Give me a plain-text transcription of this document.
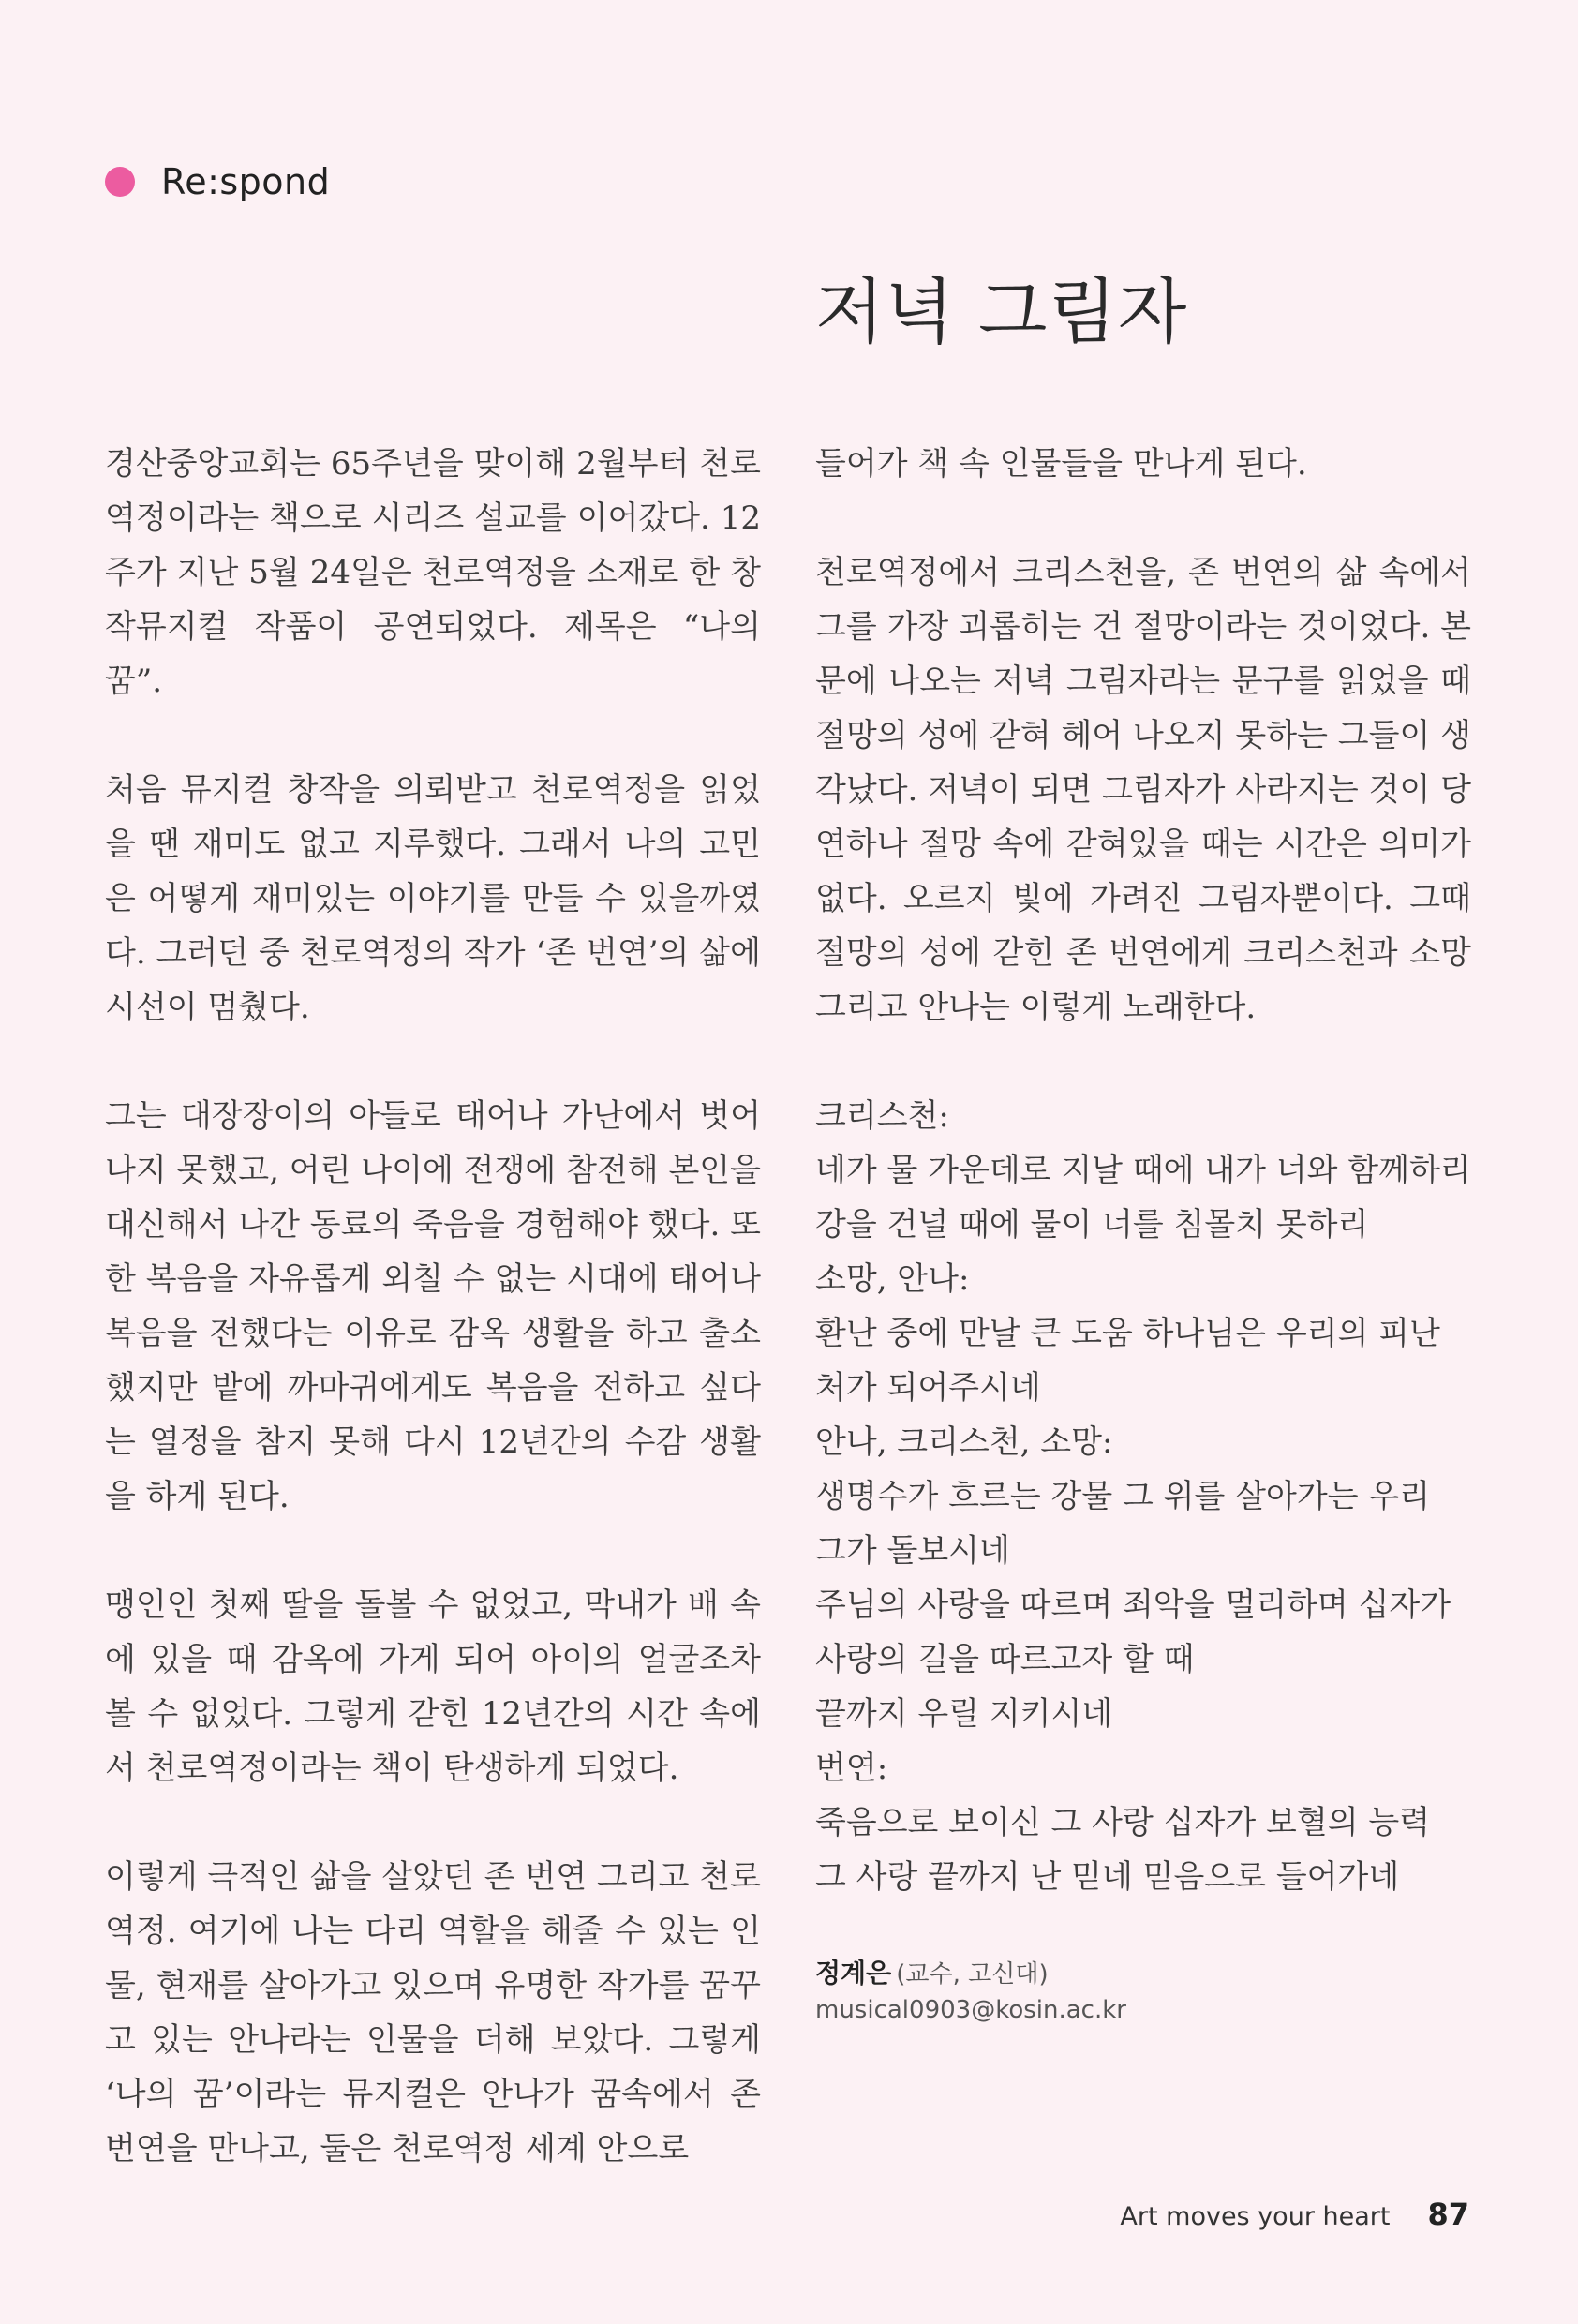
Re:spond
저녁 그림자

경산중앙교회는 65주년을 맞이해 2월부터 천로역정이라는 책으로 시리즈 설교를 이어갔다. 12주가 지난 5월 24일은 천로역정을 소재로 한 창작뮤지컬 작품이 공연되었다. 제목은 “나의 꿈”.

처음 뮤지컬 창작을 의뢰받고 천로역정을 읽었을 땐 재미도 없고 지루했다. 그래서 나의 고민은 어떻게 재미있는 이야기를 만들 수 있을까였다. 그러던 중 천로역정의 작가 ‘존 번연’의 삶에 시선이 멈췄다.

그는 대장장이의 아들로 태어나 가난에서 벗어나지 못했고, 어린 나이에 전쟁에 참전해 본인을 대신해서 나간 동료의 죽음을 경험해야 했다. 또한 복음을 자유롭게 외칠 수 없는 시대에 태어나 복음을 전했다는 이유로 감옥 생활을 하고 출소했지만 밭에 까마귀에게도 복음을 전하고 싶다는 열정을 참지 못해 다시 12년간의 수감 생활을 하게 된다.

맹인인 첫째 딸을 돌볼 수 없었고, 막내가 배 속에 있을 때 감옥에 가게 되어 아이의 얼굴조차 볼 수 없었다. 그렇게 갇힌 12년간의 시간 속에서 천로역정이라는 책이 탄생하게 되었다.

이렇게 극적인 삶을 살았던 존 번연 그리고 천로역정. 여기에 나는 다리 역할을 해줄 수 있는 인물, 현재를 살아가고 있으며 유명한 작가를 꿈꾸고 있는 안나라는 인물을 더해 보았다. 그렇게 ‘나의 꿈’이라는 뮤지컬은 안나가 꿈속에서 존 번연을 만나고, 둘은 천로역정 세계 안으로

들어가 책 속 인물들을 만나게 된다.

천로역정에서 크리스천을, 존 번연의 삶 속에서 그를 가장 괴롭히는 건 절망이라는 것이었다. 본문에 나오는 저녁 그림자라는 문구를 읽었을 때 절망의 성에 갇혀 헤어 나오지 못하는 그들이 생각났다. 저녁이 되면 그림자가 사라지는 것이 당연하나 절망 속에 갇혀있을 때는 시간은 의미가 없다. 오르지 빛에 가려진 그림자뿐이다. 그때 절망의 성에 갇힌 존 번연에게 크리스천과 소망 그리고 안나는 이렇게 노래한다.

크리스천:
네가 물 가운데로 지날 때에 내가 너와 함께하리
강을 건널 때에 물이 너를 침몰치 못하리
소망, 안나:
환난 중에 만날 큰 도움 하나님은 우리의 피난
처가 되어주시네
안나, 크리스천, 소망:
생명수가 흐르는 강물 그 위를 살아가는 우리
그가 돌보시네
주님의 사랑을 따르며 죄악을 멀리하며 십자가
사랑의 길을 따르고자 할 때
끝까지 우릴 지키시네
번연:
죽음으로 보이신 그 사랑 십자가 보혈의 능력
그 사랑 끝까지 난 믿네 믿음으로 들어가네
정계은 (교수, 고신대)
musical0903@kosin.ac.kr
Art moves your heart 87
